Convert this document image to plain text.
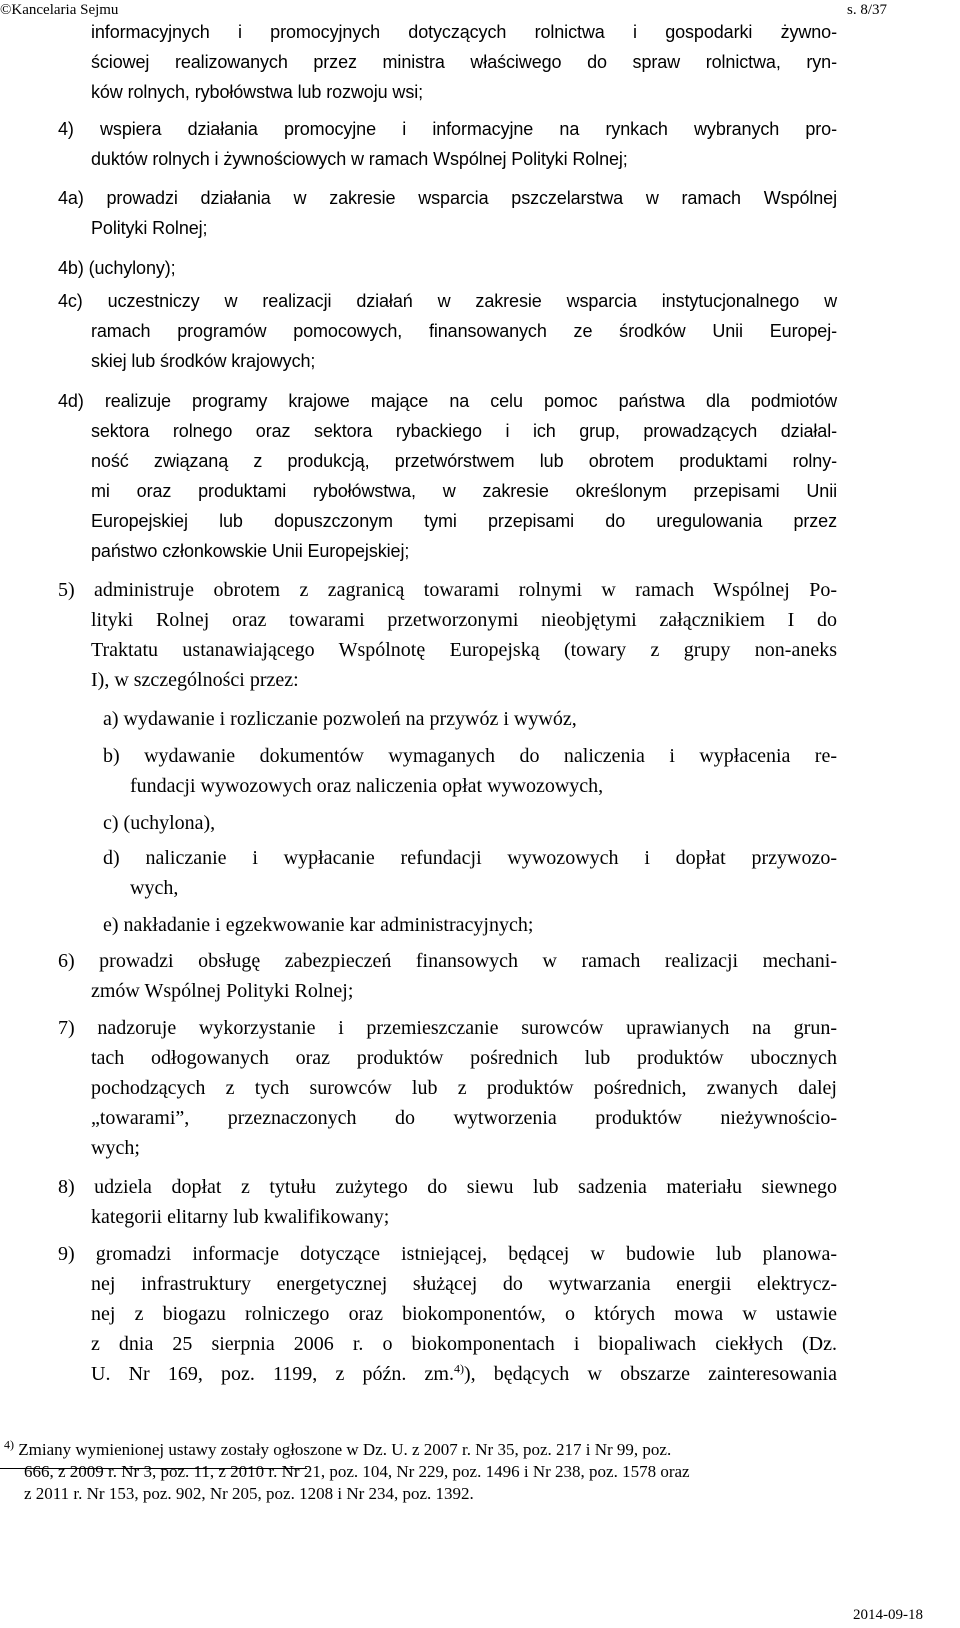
©Kancelaria Sejmu	s. 8/37

informacyjnych i promocyjnych dotyczących rolnictwa i gospodarki żywno-
ściowej realizowanych przez ministra właściwego do spraw rolnictwa, ryn-
ków rolnych, rybołówstwa lub rozwoju wsi;

4) wspiera działania promocyjne i informacyjne na rynkach wybranych pro-
duktów rolnych i żywnościowych w ramach Wspólnej Polityki Rolnej;

4a) prowadzi działania w zakresie wsparcia pszczelarstwa w ramach Wspólnej
Polityki Rolnej;

4b) (uchylony);

4c) uczestniczy w realizacji działań w zakresie wsparcia instytucjonalnego w
ramach programów pomocowych, finansowanych ze środków Unii Europej-
skiej lub środków krajowych;

4d) realizuje programy krajowe mające na celu pomoc państwa dla podmiotów
sektora rolnego oraz sektora rybackiego i ich grup, prowadzących działal-
ność związaną z produkcją, przetwórstwem lub obrotem produktami rolny-
mi oraz produktami rybołówstwa, w zakresie określonym przepisami Unii
Europejskiej lub dopuszczonym tymi przepisami do uregulowania przez
państwo członkowskie Unii Europejskiej;

5) administruje obrotem z zagranicą towarami rolnymi w ramach Wspólnej Po-
lityki Rolnej oraz towarami przetworzonymi nieobjętymi załącznikiem I do
Traktatu ustanawiającego Wspólnotę Europejską (towary z grupy non-aneks
I), w szczególności przez:

a) wydawanie i rozliczanie pozwoleń na przywóz i wywóz,

b) wydawanie dokumentów wymaganych do naliczenia i wypłacenia re-
fundacji wywozowych oraz naliczenia opłat wywozowych,

c) (uchylona),

d) naliczanie i wypłacanie refundacji wywozowych i dopłat przywozo-
wych,

e) nakładanie i egzekwowanie kar administracyjnych;

6) prowadzi obsługę zabezpieczeń finansowych w ramach realizacji mechani-
zmów Wspólnej Polityki Rolnej;

7) nadzoruje wykorzystanie i przemieszczanie surowców uprawianych na grun-
tach odłogowanych oraz produktów pośrednich lub produktów ubocznych
pochodzących z tych surowców lub z produktów pośrednich, zwanych dalej
„towarami”, przeznaczonych do wytworzenia produktów nieżywnościo-
wych;

8) udziela dopłat z tytułu zużytego do siewu lub sadzenia materiału siewnego
kategorii elitarny lub kwalifikowany;

9) gromadzi informacje dotyczące istniejącej, będącej w budowie lub planowa-
nej infrastruktury energetycznej służącej do wytwarzania energii elektrycz-
nej z biogazu rolniczego oraz biokomponentów, o których mowa w ustawie
z dnia 25 sierpnia 2006 r. o biokomponentach i biopaliwach ciekłych (Dz.
U. Nr 169, poz. 1199, z późn. zm.$^{4)}$), będących w obszarze zainteresowania

$^{4)}$ Zmiany wymienionej ustawy zostały ogłoszone w Dz. U. z 2007 r. Nr 35, poz. 217 i Nr 99, poz.
666, z 2009 r. Nr 3, poz. 11, z 2010 r. Nr 21, poz. 104, Nr 229, poz. 1496 i Nr 238, poz. 1578 oraz
z 2011 r. Nr 153, poz. 902, Nr 205, poz. 1208 i Nr 234, poz. 1392.

2014-09-18
